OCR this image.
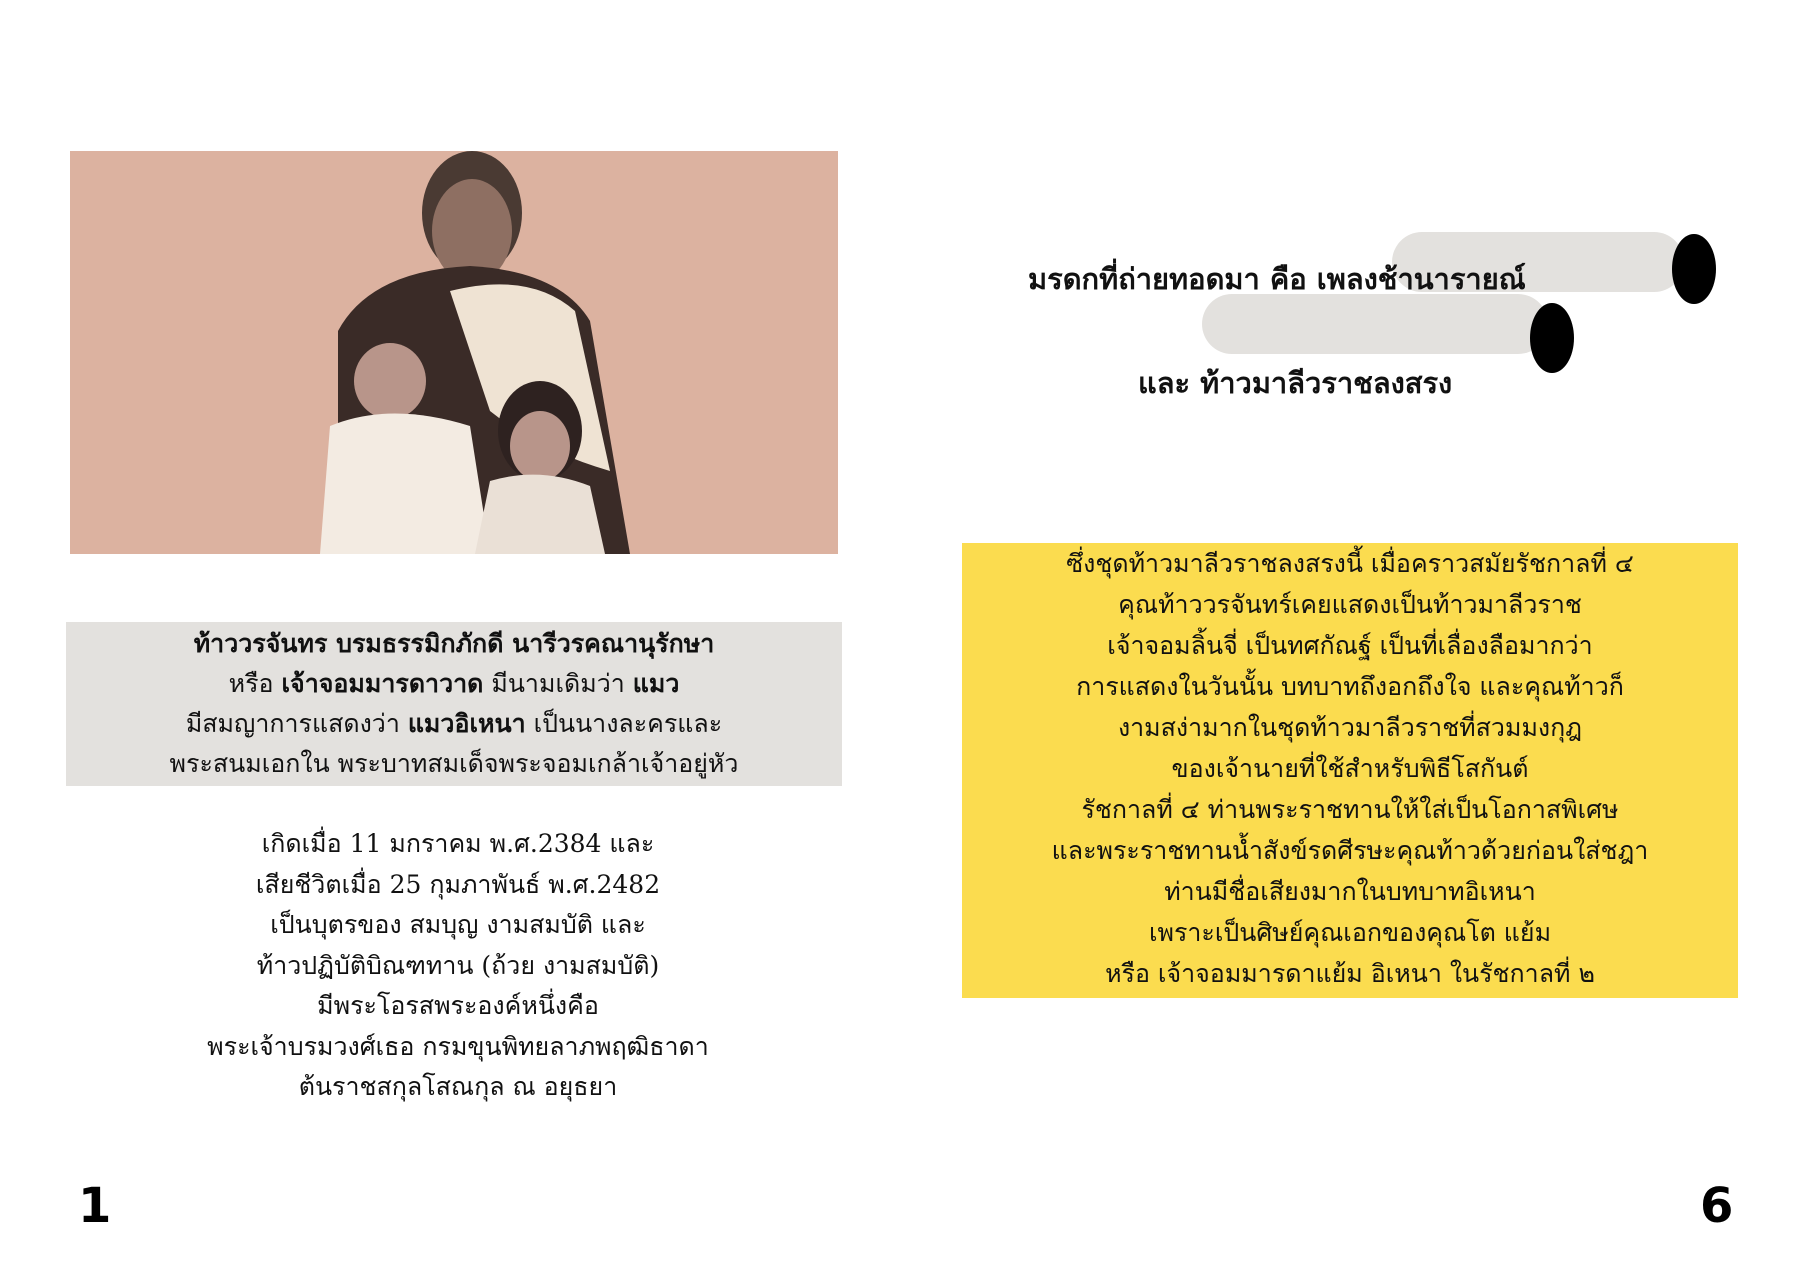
ท้าววรจันทร บรมธรรมิกภักดี นารีวรคณานุรักษา
หรือ เจ้าจอมมารดาวาด มีนามเดิมว่า แมว
มีสมญาการแสดงว่า แมวอิเหนา เป็นนางละครและ
พระสนมเอกใน พระบาทสมเด็จพระจอมเกล้าเจ้าอยู่หัว
เกิดเมื่อ 11 มกราคม พ.ศ.2384 และ
เสียชีวิตเมื่อ 25 กุมภาพันธ์ พ.ศ.2482
เป็นบุตรของ สมบุญ งามสมบัติ และ
ท้าวปฏิบัติบิณฑทาน (ถ้วย งามสมบัติ)
มีพระโอรสพระองค์หนึ่งคือ
พระเจ้าบรมวงศ์เธอ กรมขุนพิทยลาภพฤฒิธาดา
ต้นราชสกุลโสณกุล ณ อยุธยา
มรดกที่ถ่ายทอดมา คือ เพลงช้านารายณ์ และ ท้าวมาลีวราชลงสรง
ซึ่งชุดท้าวมาลีวราชลงสรงนี้ เมื่อคราวสมัยรัชกาลที่ ๔
คุณท้าววรจันทร์เคยแสดงเป็นท้าวมาลีวราช
เจ้าจอมลิ้นจี่ เป็นทศกัณฐ์ เป็นที่เลื่องลือมากว่า
การแสดงในวันนั้น บทบาทถึงอกถึงใจ และคุณท้าวก็
งามสง่ามากในชุดท้าวมาลีวราชที่สวมมงกุฎ
ของเจ้านายที่ใช้สำหรับพิธีโสกันต์
รัชกาลที่ ๔ ท่านพระราชทานให้ใส่เป็นโอกาสพิเศษ
และพระราชทานน้ำสังข์รดศีรษะคุณท้าวด้วยก่อนใส่ชฎา
ท่านมีชื่อเสียงมากในบทบาทอิเหนา
เพราะเป็นศิษย์คุณเอกของคุณโต แย้ม
หรือ เจ้าจอมมารดาแย้ม อิเหนา ในรัชกาลที่ ๒
1	6
